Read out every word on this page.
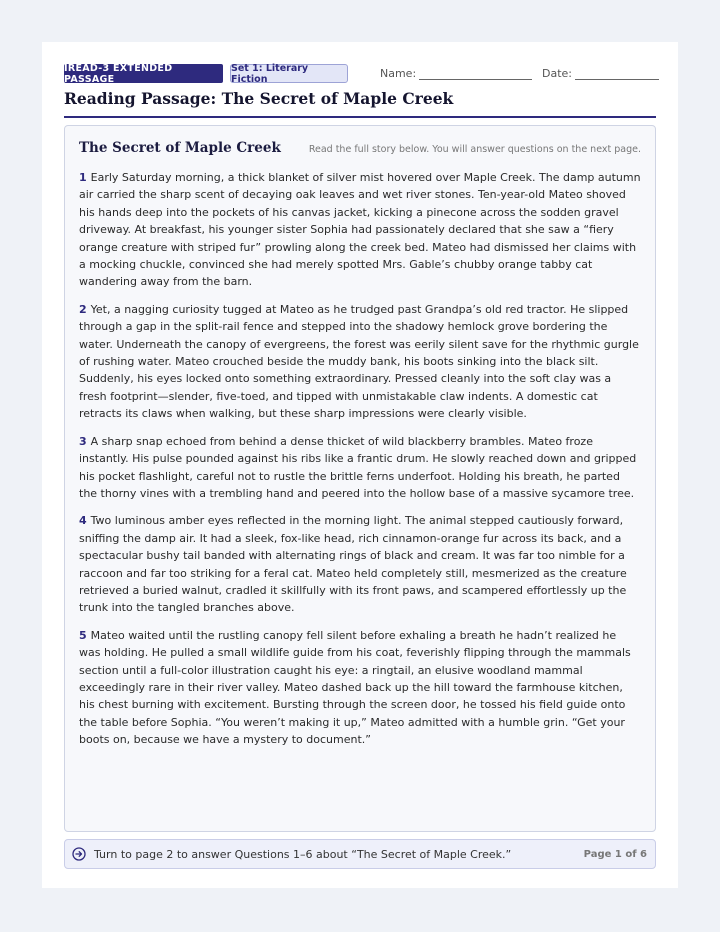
IREAD-3 EXTENDED PASSAGE
Set 1: Literary Fiction	Name:	Date:
Reading Passage: The Secret of Maple Creek
The Secret of Maple Creek	Read the full story below. You will answer questions on the next page.

1 Early Saturday morning, a thick blanket of silver mist hovered over Maple Creek. The damp autumn air carried the sharp scent of decaying oak leaves and wet river stones. Ten-year-old Mateo shoved his hands deep into the pockets of his canvas jacket, kicking a pinecone across the sodden gravel driveway. At breakfast, his younger sister Sophia had passionately declared that she saw a “fiery orange creature with striped fur” prowling along the creek bed. Mateo had dismissed her claims with a mocking chuckle, convinced she had merely spotted Mrs. Gable’s chubby orange tabby cat wandering away from the barn.

2 Yet, a nagging curiosity tugged at Mateo as he trudged past Grandpa’s old red tractor. He slipped through a gap in the split-rail fence and stepped into the shadowy hemlock grove bordering the water. Underneath the canopy of evergreens, the forest was eerily silent save for the rhythmic gurgle of rushing water. Mateo crouched beside the muddy bank, his boots sinking into the black silt. Suddenly, his eyes locked onto something extraordinary. Pressed cleanly into the soft clay was a fresh footprint—slender, five-toed, and tipped with unmistakable claw indents. A domestic cat retracts its claws when walking, but these sharp impressions were clearly visible.

3 A sharp snap echoed from behind a dense thicket of wild blackberry brambles. Mateo froze instantly. His pulse pounded against his ribs like a frantic drum. He slowly reached down and gripped his pocket flashlight, careful not to rustle the brittle ferns underfoot. Holding his breath, he parted the thorny vines with a trembling hand and peered into the hollow base of a massive sycamore tree.

4 Two luminous amber eyes reflected in the morning light. The animal stepped cautiously forward, sniffing the damp air. It had a sleek, fox-like head, rich cinnamon-orange fur across its back, and a spectacular bushy tail banded with alternating rings of black and cream. It was far too nimble for a raccoon and far too striking for a feral cat. Mateo held completely still, mesmerized as the creature retrieved a buried walnut, cradled it skillfully with its front paws, and scampered effortlessly up the trunk into the tangled branches above.

5 Mateo waited until the rustling canopy fell silent before exhaling a breath he hadn’t realized he was holding. He pulled a small wildlife guide from his coat, feverishly flipping through the mammals section until a full-color illustration caught his eye: a ringtail, an elusive woodland mammal exceedingly rare in their river valley. Mateo dashed back up the hill toward the farmhouse kitchen, his chest burning with excitement. Bursting through the screen door, he tossed his field guide onto the table before Sophia. “You weren’t making it up,” Mateo admitted with a humble grin. “Get your boots on, because we have a mystery to document.”

Turn to page 2 to answer Questions 1–6 about “The Secret of Maple Creek.”	Page 1 of 6
